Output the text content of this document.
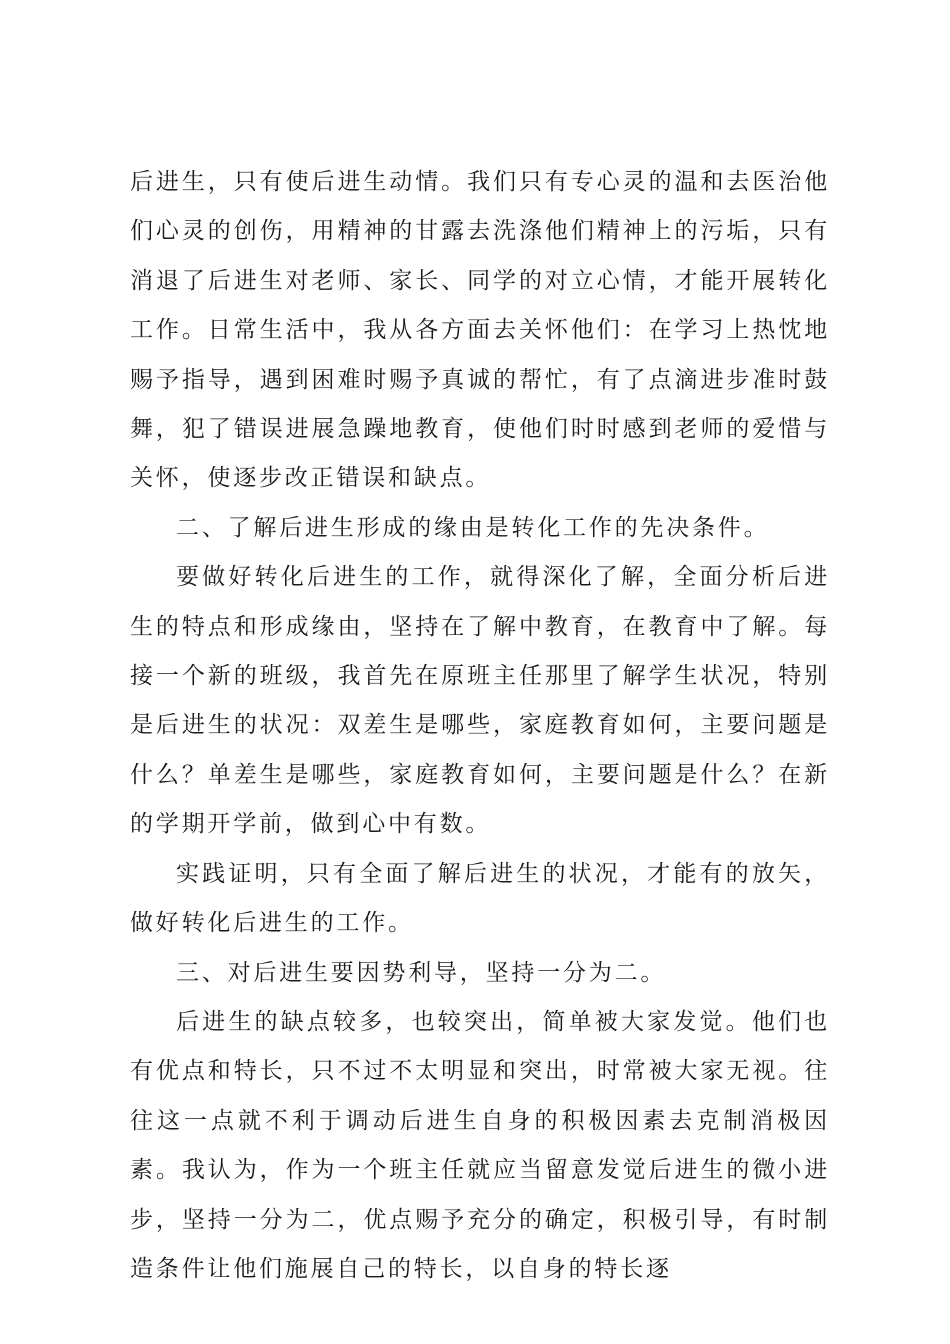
后进生，只有使后进生动情。我们只有专心灵的温和去医治他们心灵的创伤，用精神的甘露去洗涤他们精神上的污垢，只有消退了后进生对老师、家长、同学的对立心情，才能开展转化工作。日常生活中，我从各方面去关怀他们：在学习上热忱地赐予指导，遇到困难时赐予真诚的帮忙，有了点滴进步准时鼓舞，犯了错误进展急躁地教育，使他们时时感到老师的爱惜与关怀，使逐步改正错误和缺点。

二、了解后进生形成的缘由是转化工作的先决条件。

要做好转化后进生的工作，就得深化了解，全面分析后进生的特点和形成缘由，坚持在了解中教育，在教育中了解。每接一个新的班级，我首先在原班主任那里了解学生状况，特别是后进生的状况：双差生是哪些，家庭教育如何，主要问题是什么？单差生是哪些，家庭教育如何，主要问题是什么？在新的学期开学前，做到心中有数。

实践证明，只有全面了解后进生的状况，才能有的放矢，做好转化后进生的工作。

三、对后进生要因势利导，坚持一分为二。

后进生的缺点较多，也较突出，简单被大家发觉。他们也有优点和特长，只不过不太明显和突出，时常被大家无视。往往这一点就不利于调动后进生自身的积极因素去克制消极因素。我认为，作为一个班主任就应当留意发觉后进生的微小进步，坚持一分为二，优点赐予充分的确定，积极引导，有时制造条件让他们施展自己的特长，以自身的特长逐
